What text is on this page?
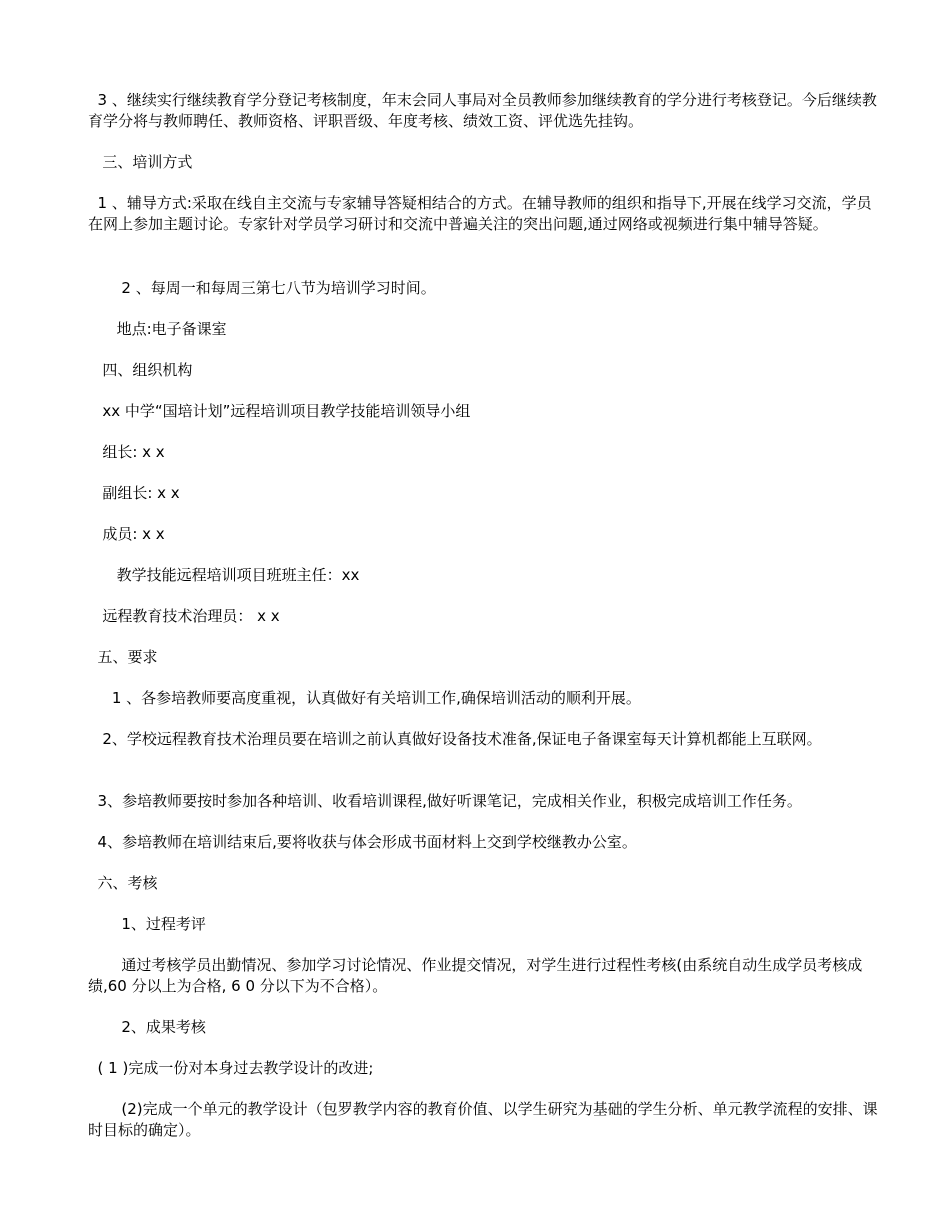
3 、继续实行继续教育学分登记考核制度，年末会同人事局对全员教师参加继续教育的学分进行考核登记。今后继续教育学分将与教师聘任、教师资格、评职晋级、年度考核、绩效工资、评优选先挂钩。
三、培训方式
1 、辅导方式:采取在线自主交流与专家辅导答疑相结合的方式。在辅导教师的组织和指导下,开展在线学习交流，学员在网上参加主题讨论。专家针对学员学习研讨和交流中普遍关注的突出问题,通过网络或视频进行集中辅导答疑。
2 、每周一和每周三第七八节为培训学习时间。
地点:电子备课室
四、组织机构
xx 中学“国培计划”远程培训项目教学技能培训领导小组
组长: x x
副组长: x x
成员: x x
教学技能远程培训项目班班主任：xx
远程教育技术治理员： x x
五、要求
1 、各参培教师要高度重视，认真做好有关培训工作,确保培训活动的顺利开展。
2、学校远程教育技术治理员要在培训之前认真做好设备技术准备,保证电子备课室每天计算机都能上互联网。
3、参培教师要按时参加各种培训、收看培训课程,做好听课笔记，完成相关作业，积极完成培训工作任务。
4、参培教师在培训结束后,要将收获与体会形成书面材料上交到学校继教办公室。
六、考核
1、过程考评
通过考核学员出勤情况、参加学习讨论情况、作业提交情况，对学生进行过程性考核(由系统自动生成学员考核成绩,60 分以上为合格, 6 0 分以下为不合格）。
2、成果考核
( 1 )完成一份对本身过去教学设计的改进;
(2)完成一个单元的教学设计（包罗教学内容的教育价值、以学生研究为基础的学生分析、单元教学流程的安排、课时目标的确定）。
